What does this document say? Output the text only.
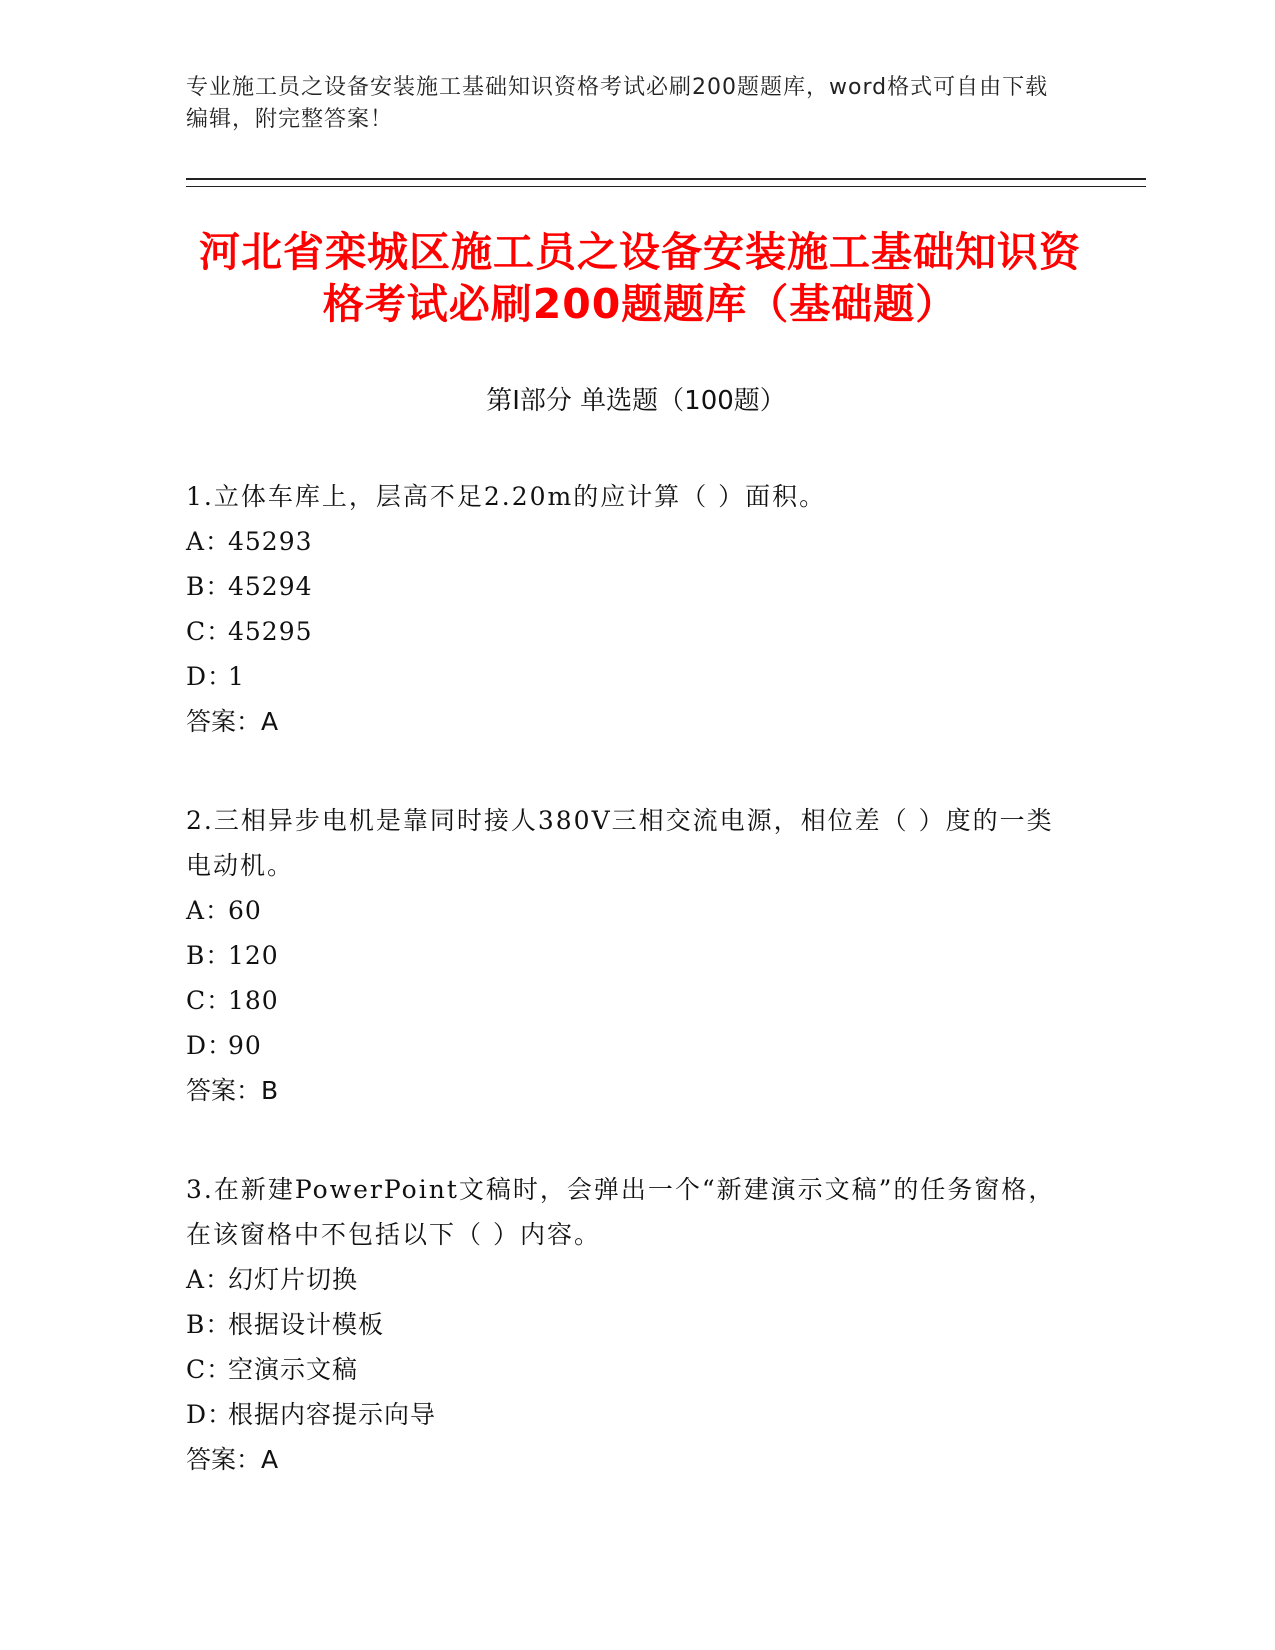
专业施工员之设备安装施工基础知识资格考试必刷200题题库，word格式可自由下载编辑，附完整答案！
河北省栾城区施工员之设备安装施工基础知识资格考试必刷200题题库（基础题）
第Ⅰ部分 单选题（100题）
1.立体车库上，层高不足2.20m的应计算（ ）面积。
A：45293
B：45294
C：45295
D：1
答案：A
2.三相异步电机是靠同时接人380V三相交流电源，相位差（ ）度的一类电动机。
A：60
B：120
C：180
D：90
答案：B
3.在新建PowerPoint文稿时，会弹出一个“新建演示文稿”的任务窗格，在该窗格中不包括以下（ ）内容。
A：幻灯片切换
B：根据设计模板
C：空演示文稿
D：根据内容提示向导
答案：A
